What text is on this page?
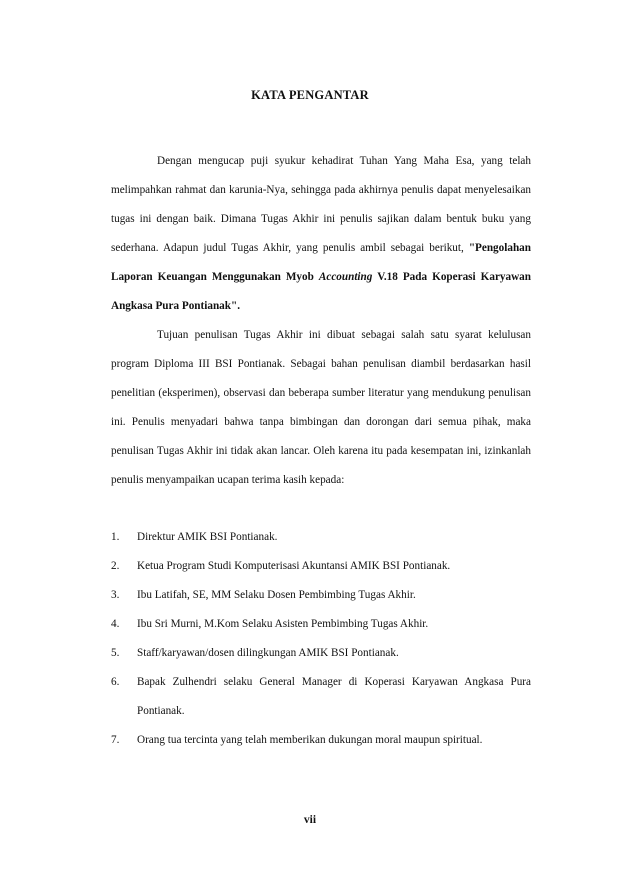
KATA PENGANTAR
Dengan mengucap puji syukur kehadirat Tuhan Yang Maha Esa, yang telah melimpahkan rahmat dan karunia-Nya, sehingga pada akhirnya penulis dapat menyelesaikan tugas ini dengan baik. Dimana Tugas Akhir ini penulis sajikan dalam bentuk buku yang sederhana. Adapun judul Tugas Akhir, yang penulis ambil sebagai berikut, "Pengolahan Laporan Keuangan Menggunakan Myob Accounting V.18 Pada Koperasi Karyawan Angkasa Pura Pontianak".
Tujuan penulisan Tugas Akhir ini dibuat sebagai salah satu syarat kelulusan program Diploma III BSI Pontianak. Sebagai bahan penulisan diambil berdasarkan hasil penelitian (eksperimen), observasi dan beberapa sumber literatur yang mendukung penulisan ini. Penulis menyadari bahwa tanpa bimbingan dan dorongan dari semua pihak, maka penulisan Tugas Akhir ini tidak akan lancar. Oleh karena itu pada kesempatan ini, izinkanlah penulis menyampaikan ucapan terima kasih kepada:
1.	Direktur AMIK BSI Pontianak.
2.	Ketua Program Studi Komputerisasi Akuntansi AMIK BSI Pontianak.
3.	Ibu Latifah, SE, MM Selaku Dosen Pembimbing Tugas Akhir.
4.	Ibu Sri Murni, M.Kom Selaku Asisten Pembimbing Tugas Akhir.
5.	Staff/karyawan/dosen dilingkungan AMIK BSI Pontianak.
6.	Bapak Zulhendri selaku General Manager di Koperasi Karyawan Angkasa Pura Pontianak.
7.	Orang tua tercinta yang telah memberikan dukungan moral maupun spiritual.
vii
